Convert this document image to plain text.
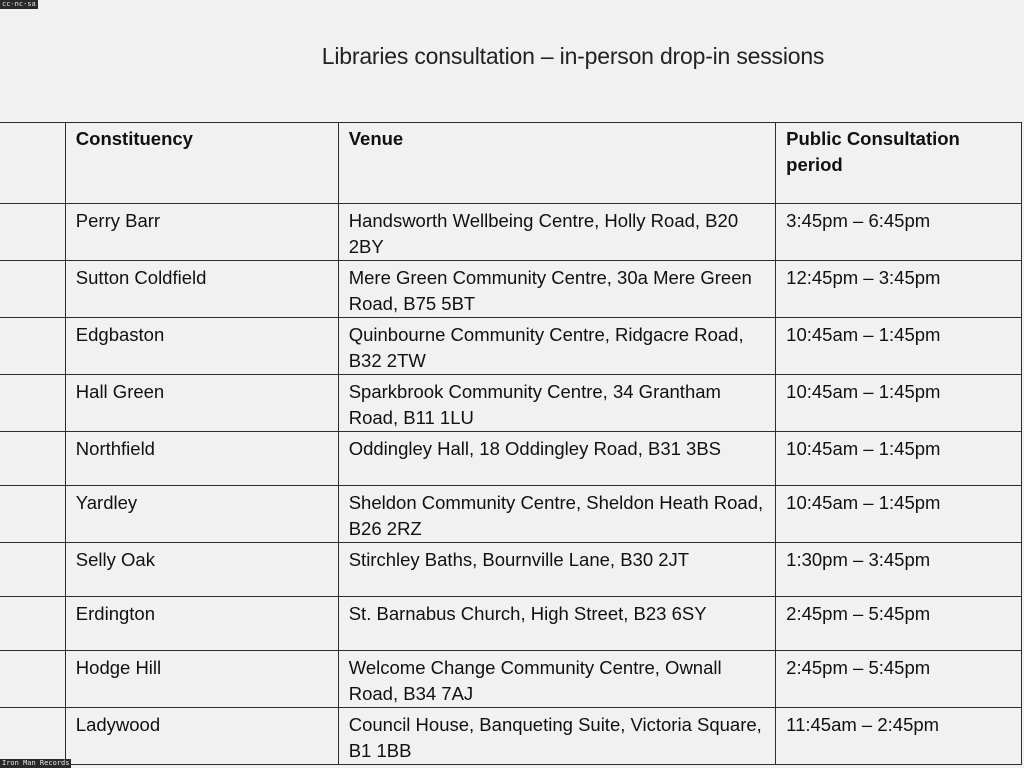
cc-nc-sa
Libraries consultation – in-person drop-in sessions
	Constituency	Venue	Public Consultation period
	Perry Barr	Handsworth Wellbeing Centre, Holly Road, B20 2BY	3:45pm – 6:45pm
	Sutton Coldfield	Mere Green Community Centre, 30a Mere Green Road, B75 5BT	12:45pm – 3:45pm
	Edgbaston	Quinbourne Community Centre, Ridgacre Road, B32 2TW	10:45am – 1:45pm
	Hall Green	Sparkbrook Community Centre, 34 Grantham Road, B11 1LU	10:45am – 1:45pm
	Northfield	Oddingley Hall, 18 Oddingley Road, B31 3BS	10:45am – 1:45pm
	Yardley	Sheldon Community Centre, Sheldon Heath Road, B26 2RZ	10:45am – 1:45pm
	Selly Oak	Stirchley Baths, Bournville Lane, B30 2JT	1:30pm – 3:45pm
	Erdington	St. Barnabus Church, High Street, B23 6SY	2:45pm – 5:45pm
	Hodge Hill	Welcome Change Community Centre, Ownall Road, B34 7AJ	2:45pm – 5:45pm
	Ladywood	Council House, Banqueting Suite, Victoria Square, B1 1BB	11:45am – 2:45pm
Iron Man Records
